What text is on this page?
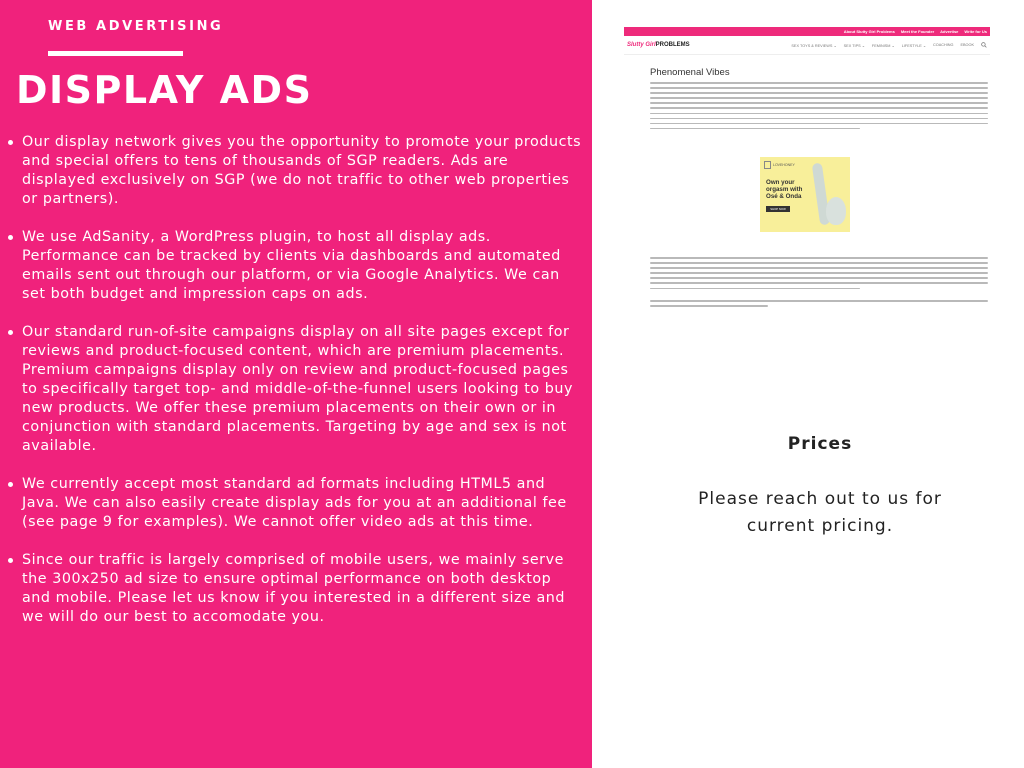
WEB ADVERTISING
DISPLAY ADS
Our display network gives you the opportunity to promote your products and special offers to tens of thousands of SGP readers. Ads are displayed exclusively on SGP (we do not traffic to other web properties or partners).
We use AdSanity, a WordPress plugin, to host all display ads. Performance can be tracked by clients via dashboards and automated emails sent out through our platform, or via Google Analytics. We can set both budget and impression caps on ads.
Our standard run-of-site campaigns display on all site pages except for reviews and product-focused content, which are premium placements. Premium campaigns display only on review and product-focused pages to specifically target top- and middle-of-the-funnel users looking to buy new products. We offer these premium placements on their own or in conjunction with standard placements. Targeting by age and sex is not available.
We currently accept most standard ad formats including HTML5 and Java. We can also easily create display ads for you at an additional fee (see page 9 for examples). We cannot offer video ads at this time.
Since our traffic is largely comprised of mobile users, we mainly serve the 300x250 ad size to ensure optimal performance on both desktop and mobile. Please let us know if you interested in a different size and we will do our best to accomodate you.
About Slutty Girl Problems Meet the Founder Advertise Write for Us
Slutty GirlPROBLEMS	SEX TOYS & REVIEWS ⌄ SEX TIPS ⌄ FEMINISM ⌄ LIFESTYLE ⌄ COACHING EBOOK
Phenomenal Vibes
LOVEHONEY
Own your
orgasm with
Osé & Onda
SHOP NOW
Prices
Please reach out to us for current pricing.
